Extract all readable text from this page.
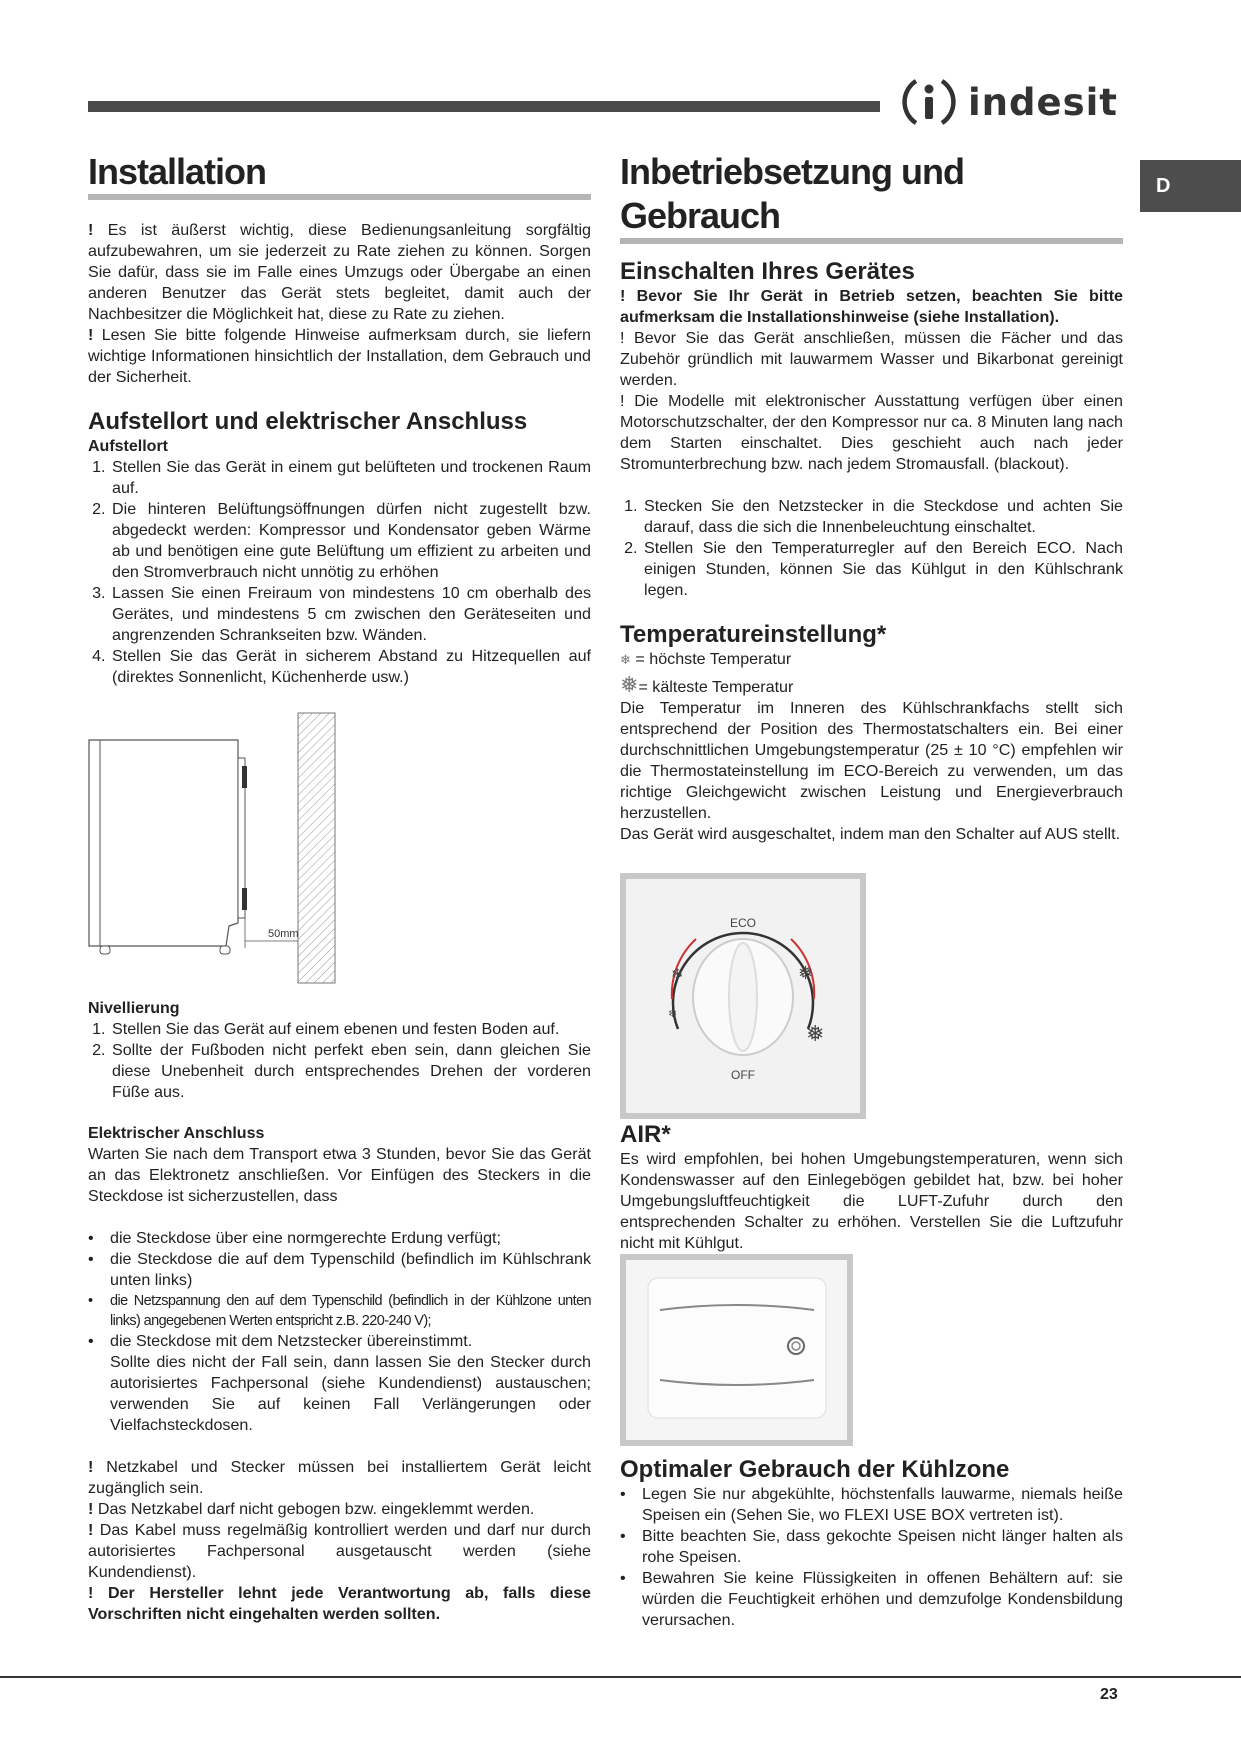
indesit
D
Installation

! Es ist äußerst wichtig, diese Bedienungsanleitung sorgfältig aufzubewahren, um sie jederzeit zu Rate ziehen zu können. Sorgen Sie dafür, dass sie im Falle eines Umzugs oder Übergabe an einen anderen Benutzer das Gerät stets begleitet, damit auch der Nachbesitzer die Möglichkeit hat, diese zu Rate zu ziehen.

! Lesen Sie bitte folgende Hinweise aufmerksam durch, sie liefern wichtige Informationen hinsichtlich der Installation, dem Gebrauch und der Sicherheit.

Aufstellort und elektrischer Anschluss
Aufstellort
1. Stellen Sie das Gerät in einem gut belüfteten und trockenen Raum auf.
2. Die hinteren Belüftungsöffnungen dürfen nicht zugestellt bzw. abgedeckt werden: Kompressor und Kondensator geben Wärme ab und benötigen eine gute Belüftung um effizient zu arbeiten und den Stromverbrauch nicht unnötig zu erhöhen
3. Lassen Sie einen Freiraum von mindestens 10 cm oberhalb des Gerätes, und mindestens 5 cm zwischen den Geräteseiten und angrenzenden Schrankseiten bzw. Wänden.
4. Stellen Sie das Gerät in sicherem Abstand zu Hitzequellen auf (direktes Sonnenlicht, Küchenherde usw.)
50mm
Nivellierung
1. Stellen Sie das Gerät auf einem ebenen und festen Boden auf.
2. Sollte der Fußboden nicht perfekt eben sein, dann gleichen Sie diese Unebenheit durch entsprechendes Drehen der vorderen Füße aus.
Elektrischer Anschluss

Warten Sie nach dem Transport etwa 3 Stunden, bevor Sie das Gerät an das Elektronetz anschließen. Vor Einfügen des Steckers in die Steckdose ist sicherzustellen, dass

• die Steckdose über eine normgerechte Erdung verfügt;
• die Steckdose die auf dem Typenschild (befindlich im Kühlschrank unten links)
• die Netzspannung den auf dem Typenschild (befindlich in der Kühlzone unten links) angegebenen Werten entspricht z.B. 220-240 V);
• die Steckdose mit dem Netzstecker übereinstimmt.
Sollte dies nicht der Fall sein, dann lassen Sie den Stecker durch autorisiertes Fachpersonal (siehe Kundendienst) austauschen; verwenden Sie auf keinen Fall Verlängerungen oder Vielfachsteckdosen.

! Netzkabel und Stecker müssen bei installiertem Gerät leicht zugänglich sein.

! Das Netzkabel darf nicht gebogen bzw. eingeklemmt werden.

! Das Kabel muss regelmäßig kontrolliert werden und darf nur durch autorisiertes Fachpersonal ausgetauscht werden (siehe Kundendienst).

! Der Hersteller lehnt jede Verantwortung ab, falls diese Vorschriften nicht eingehalten werden sollten.

Inbetriebsetzung und Gebrauch
Einschalten Ihres Gerätes

! Bevor Sie Ihr Gerät in Betrieb setzen, beachten Sie bitte aufmerksam die Installationshinweise (siehe Installation).

! Bevor Sie das Gerät anschließen, müssen die Fächer und das Zubehör gründlich mit lauwarmem Wasser und Bikarbonat gereinigt werden.

! Die Modelle mit elektronischer Ausstattung verfügen über einen Motorschutzschalter, der den Kompressor nur ca. 8 Minuten lang nach dem Starten einschaltet. Dies geschieht auch nach jeder Stromunterbrechung bzw. nach jedem Stromausfall. (blackout).

1. Stecken Sie den Netzstecker in die Steckdose und achten Sie darauf, dass die sich die Innenbeleuchtung einschaltet.
2. Stellen Sie den Temperaturregler auf den Bereich ECO. Nach einigen Stunden, können Sie das Kühlgut in den Kühlschrank legen.
Temperatureinstellung*

❄ = höchste Temperatur

❅= kälteste Temperatur

Die Temperatur im Inneren des Kühlschrankfachs stellt sich entsprechend der Position des Thermostatschalters ein. Bei einer durchschnittlichen Umgebungstemperatur (25 ± 10 °C) empfehlen wir die Thermostateinstellung im ECO-Bereich zu verwenden, um das richtige Gleichgewicht zwischen Leistung und Energieverbrauch herzustellen.

Das Gerät wird ausgeschaltet, indem man den Schalter auf AUS stellt.

ECO
OFF
❄
❄
❅
❅
AIR*

Es wird empfohlen, bei hohen Umgebungstemperaturen, wenn sich Kondenswasser auf den Einlegebögen gebildet hat, bzw. bei hoher Umgebungsluftfeuchtigkeit die LUFT-Zufuhr durch den entsprechenden Schalter zu erhöhen. Verstellen Sie die Luftzufuhr nicht mit Kühlgut.

Optimaler Gebrauch der Kühlzone
• Legen Sie nur abgekühlte, höchstenfalls lauwarme, niemals heiße Speisen ein (Sehen Sie, wo FLEXI USE BOX vertreten ist).
• Bitte beachten Sie, dass gekochte Speisen nicht länger halten als rohe Speisen.
• Bewahren Sie keine Flüssigkeiten in offenen Behältern auf: sie würden die Feuchtigkeit erhöhen und demzufolge Kondensbildung verursachen.
23
